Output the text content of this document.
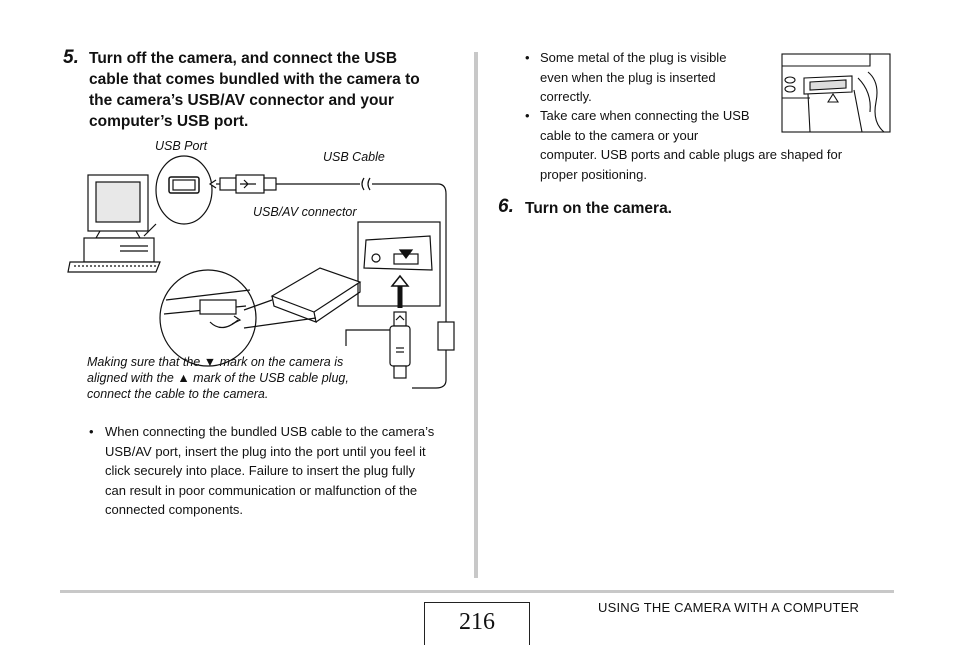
5. Turn off the camera, and connect the USB
cable that comes bundled with the camera to
the camera’s USB/AV connector and your
computer’s USB port.
USB Port
USB Cable
USB/AV connector
Making sure that the ▼ mark on the camera is
aligned with the ▲ mark of the USB cable plug,
connect the cable to the camera.
• When connecting the bundled USB cable to the camera’s
USB/AV port, insert the plug into the port until you feel it
click securely into place. Failure to insert the plug fully
can result in poor communication or malfunction of the
connected components.
• Some metal of the plug is visible
even when the plug is inserted
correctly.
• Take care when connecting the USB
cable to the camera or your
computer. USB ports and cable plugs are shaped for
proper positioning.
6. Turn on the camera.
216
USING THE CAMERA WITH A COMPUTER
